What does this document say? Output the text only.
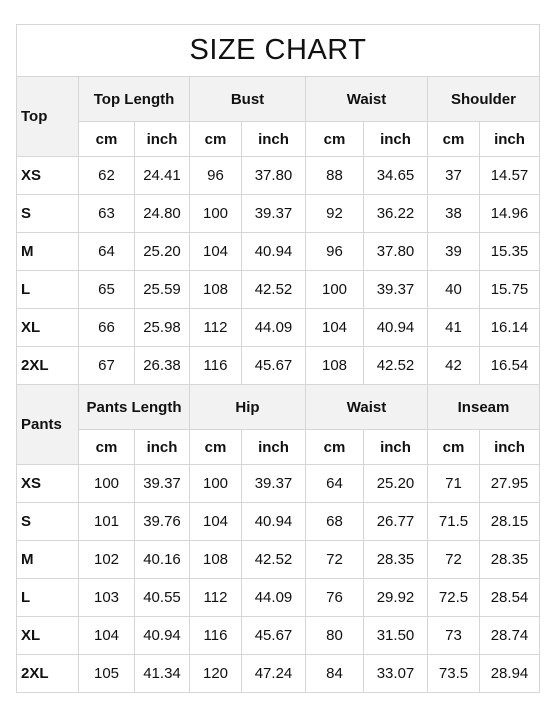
SIZE CHART								
Top	Top Length		Bust		Waist		Shoulder	
	cm	inch	cm	inch	cm	inch	cm	inch
XS	62	24.41	96	37.80	88	34.65	37	14.57
S	63	24.80	100	39.37	92	36.22	38	14.96
M	64	25.20	104	40.94	96	37.80	39	15.35
L	65	25.59	108	42.52	100	39.37	40	15.75
XL	66	25.98	112	44.09	104	40.94	41	16.14
2XL	67	26.38	116	45.67	108	42.52	42	16.54
Pants	Pants Length		Hip		Waist		Inseam	
	cm	inch	cm	inch	cm	inch	cm	inch
XS	100	39.37	100	39.37	64	25.20	71	27.95
S	101	39.76	104	40.94	68	26.77	71.5	28.15
M	102	40.16	108	42.52	72	28.35	72	28.35
L	103	40.55	112	44.09	76	29.92	72.5	28.54
XL	104	40.94	116	45.67	80	31.50	73	28.74
2XL	105	41.34	120	47.24	84	33.07	73.5	28.94
